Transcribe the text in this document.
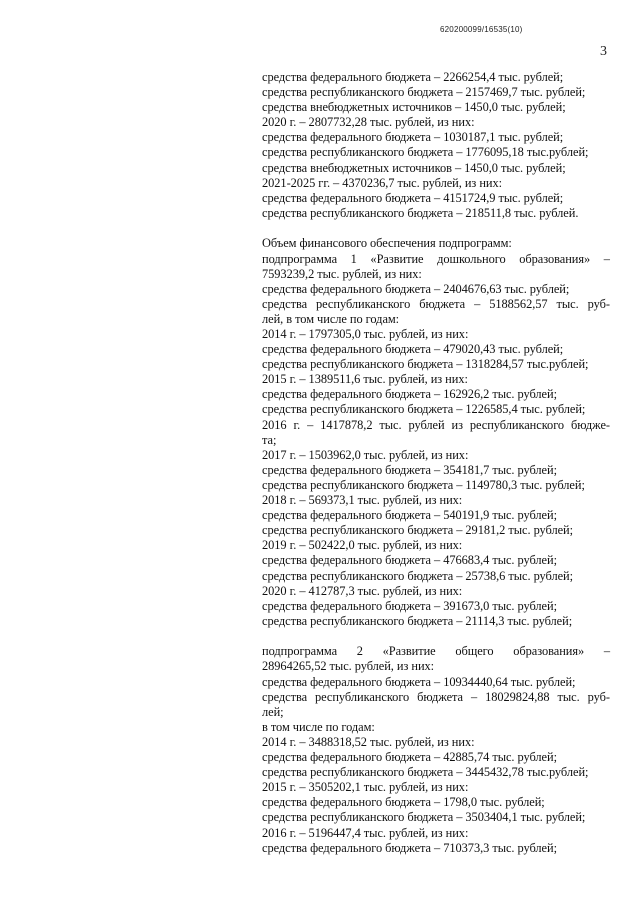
620200099/16535(10)
3
средства федерального бюджета – 2266254,4 тыс. рублей;
средства республиканского бюджета – 2157469,7 тыс. рублей;
средства внебюджетных источников – 1450,0 тыс. рублей;
2020 г. – 2807732,28 тыс. рублей, из них:
средства федерального бюджета – 1030187,1 тыс. рублей;
средства республиканского бюджета – 1776095,18 тыс.рублей;
средства внебюджетных источников – 1450,0 тыс. рублей;
2021-2025 гг. – 4370236,7 тыс. рублей, из них:
средства федерального бюджета – 4151724,9 тыс. рублей;
средства республиканского бюджета – 218511,8 тыс. рублей.
Объем финансового обеспечения подпрограмм:
подпрограмма 1 «Развитие дошкольного образования» –
7593239,2 тыс. рублей, из них:
средства федерального бюджета – 2404676,63 тыс. рублей;
средства республиканского бюджета – 5188562,57 тыс. руб-
лей, в том числе по годам:
2014 г. – 1797305,0 тыс. рублей, из них:
средства федерального бюджета – 479020,43 тыс. рублей;
средства республиканского бюджета – 1318284,57 тыс.рублей;
2015 г. – 1389511,6 тыс. рублей, из них:
средства федерального бюджета – 162926,2 тыс. рублей;
средства республиканского бюджета – 1226585,4 тыс. рублей;
2016 г. – 1417878,2 тыс. рублей из республиканского бюдже-
та;
2017 г. – 1503962,0 тыс. рублей, из них:
средства федерального бюджета – 354181,7 тыс. рублей;
средства республиканского бюджета – 1149780,3 тыс. рублей;
2018 г. – 569373,1 тыс. рублей, из них:
средства федерального бюджета – 540191,9 тыс. рублей;
средства республиканского бюджета – 29181,2 тыс. рублей;
2019 г. – 502422,0 тыс. рублей, из них:
средства федерального бюджета – 476683,4 тыс. рублей;
средства республиканского бюджета – 25738,6 тыс. рублей;
2020 г. – 412787,3 тыс. рублей, из них:
средства федерального бюджета – 391673,0 тыс. рублей;
средства республиканского бюджета – 21114,3 тыс. рублей;
подпрограмма 2 «Развитие общего образования» –
28964265,52 тыс. рублей, из них:
средства федерального бюджета – 10934440,64 тыс. рублей;
средства республиканского бюджета – 18029824,88 тыс. руб-
лей;
в том числе по годам:
2014 г. – 3488318,52 тыс. рублей, из них:
средства федерального бюджета – 42885,74 тыс. рублей;
средства республиканского бюджета – 3445432,78 тыс.рублей;
2015 г. – 3505202,1 тыс. рублей, из них:
средства федерального бюджета – 1798,0 тыс. рублей;
средства республиканского бюджета – 3503404,1 тыс. рублей;
2016 г. – 5196447,4 тыс. рублей, из них:
средства федерального бюджета – 710373,3 тыс. рублей;
